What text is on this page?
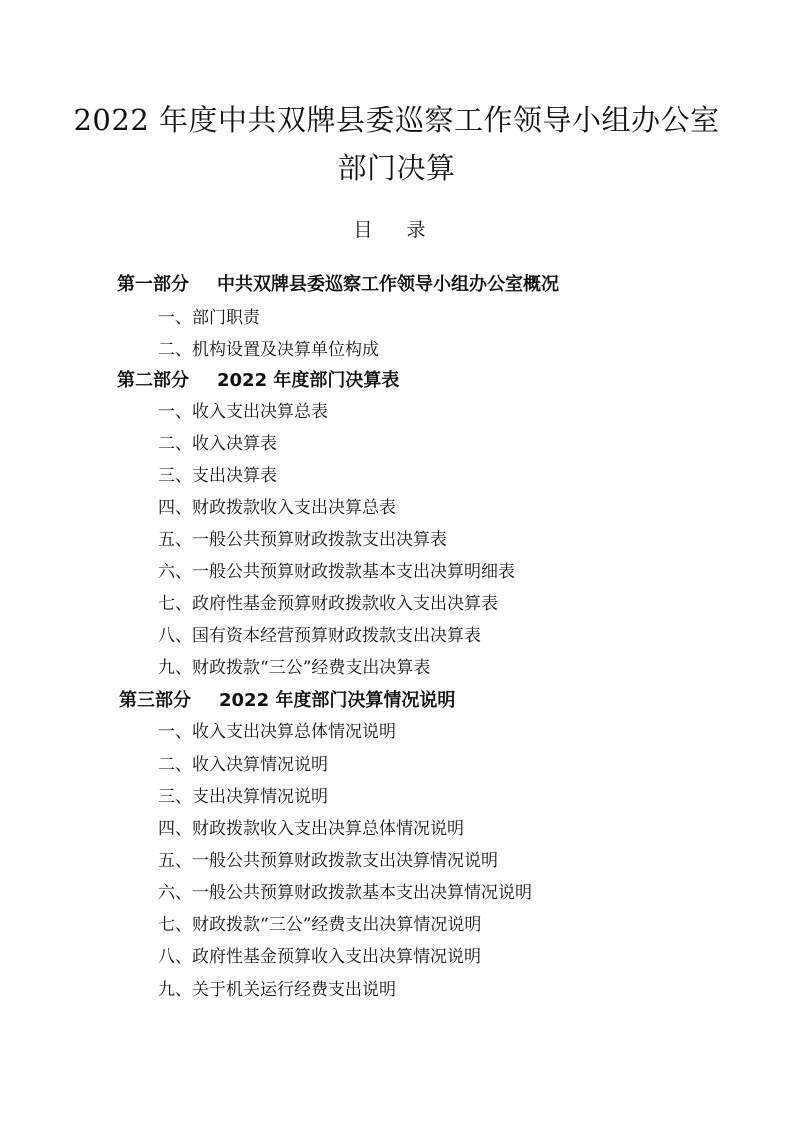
2022 年度中共双牌县委巡察工作领导小组办公室
部门决算
目 录
第一部分 中共双牌县委巡察工作领导小组办公室概况
一、部门职责
二、机构设置及决算单位构成
第二部分 2022 年度部门决算表
一、收入支出决算总表
二、收入决算表
三、支出决算表
四、财政拨款收入支出决算总表
五、一般公共预算财政拨款支出决算表
六、一般公共预算财政拨款基本支出决算明细表
七、政府性基金预算财政拨款收入支出决算表
八、国有资本经营预算财政拨款支出决算表
九、财政拨款“三公”经费支出决算表
第三部分 2022 年度部门决算情况说明
一、收入支出决算总体情况说明
二、收入决算情况说明
三、支出决算情况说明
四、财政拨款收入支出决算总体情况说明
五、一般公共预算财政拨款支出决算情况说明
六、一般公共预算财政拨款基本支出决算情况说明
七、财政拨款“三公”经费支出决算情况说明
八、政府性基金预算收入支出决算情况说明
九、关于机关运行经费支出说明
